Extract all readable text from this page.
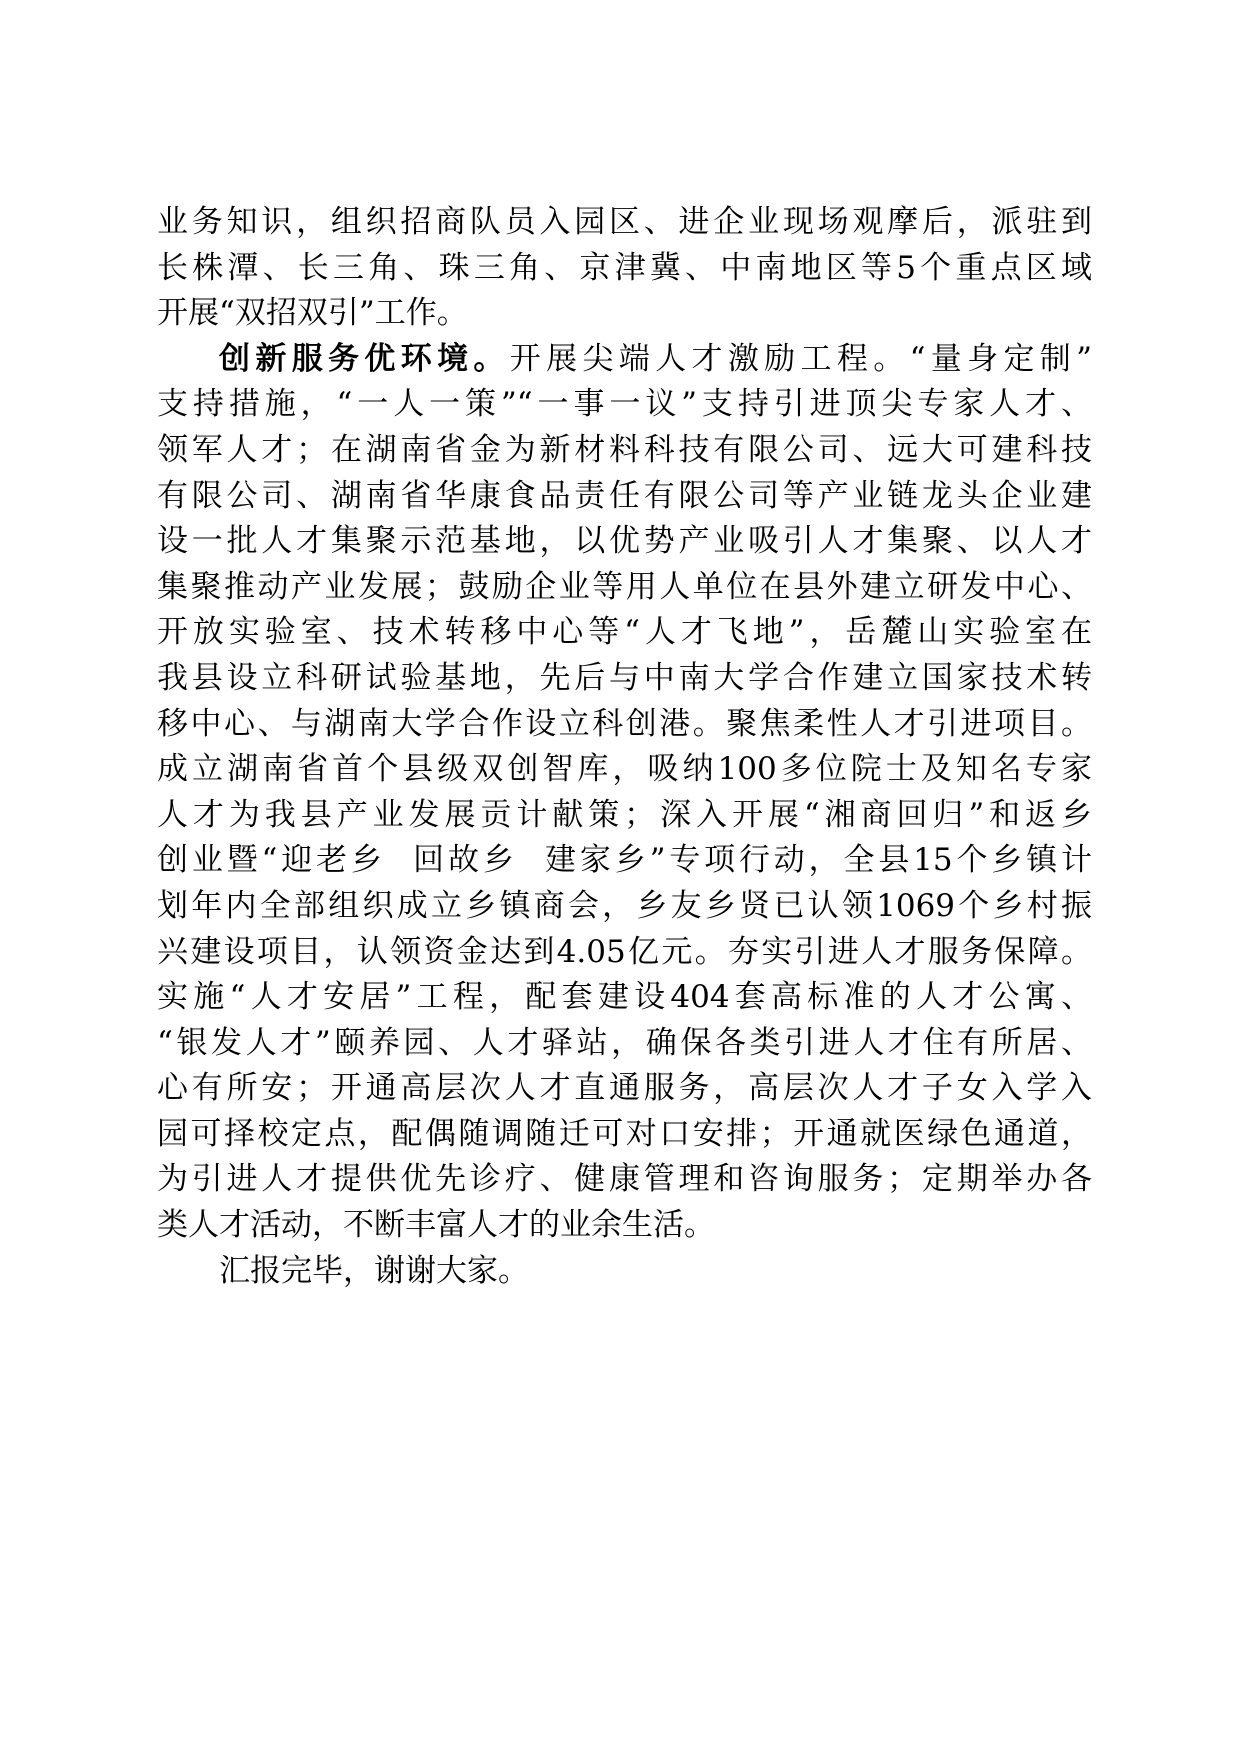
业务知识，组织招商队员入园区、进企业现场观摩后，派驻到
长株潭、长三角、珠三角、京津冀、中南地区等5个重点区域
开展“双招双引”工作。
创新服务优环境。开展尖端人才激励工程。“量身定制”
支持措施，“一人一策”“一事一议”支持引进顶尖专家人才、
领军人才；在湖南省金为新材料科技有限公司、远大可建科技
有限公司、湖南省华康食品责任有限公司等产业链龙头企业建
设一批人才集聚示范基地，以优势产业吸引人才集聚、以人才
集聚推动产业发展；鼓励企业等用人单位在县外建立研发中心、
开放实验室、技术转移中心等“人才飞地”，岳麓山实验室在
我县设立科研试验基地，先后与中南大学合作建立国家技术转
移中心、与湖南大学合作设立科创港。聚焦柔性人才引进项目。
成立湖南省首个县级双创智库，吸纳100多位院士及知名专家
人才为我县产业发展贡计献策；深入开展“湘商回归”和返乡
创业暨“迎老乡  回故乡  建家乡”专项行动，全县15个乡镇计
划年内全部组织成立乡镇商会，乡友乡贤已认领1069个乡村振
兴建设项目，认领资金达到4.05亿元。夯实引进人才服务保障。
实施“人才安居”工程，配套建设404套高标准的人才公寓、
“银发人才”颐养园、人才驿站，确保各类引进人才住有所居、
心有所安；开通高层次人才直通服务，高层次人才子女入学入
园可择校定点，配偶随调随迁可对口安排；开通就医绿色通道，
为引进人才提供优先诊疗、健康管理和咨询服务；定期举办各
类人才活动，不断丰富人才的业余生活。
汇报完毕，谢谢大家。
